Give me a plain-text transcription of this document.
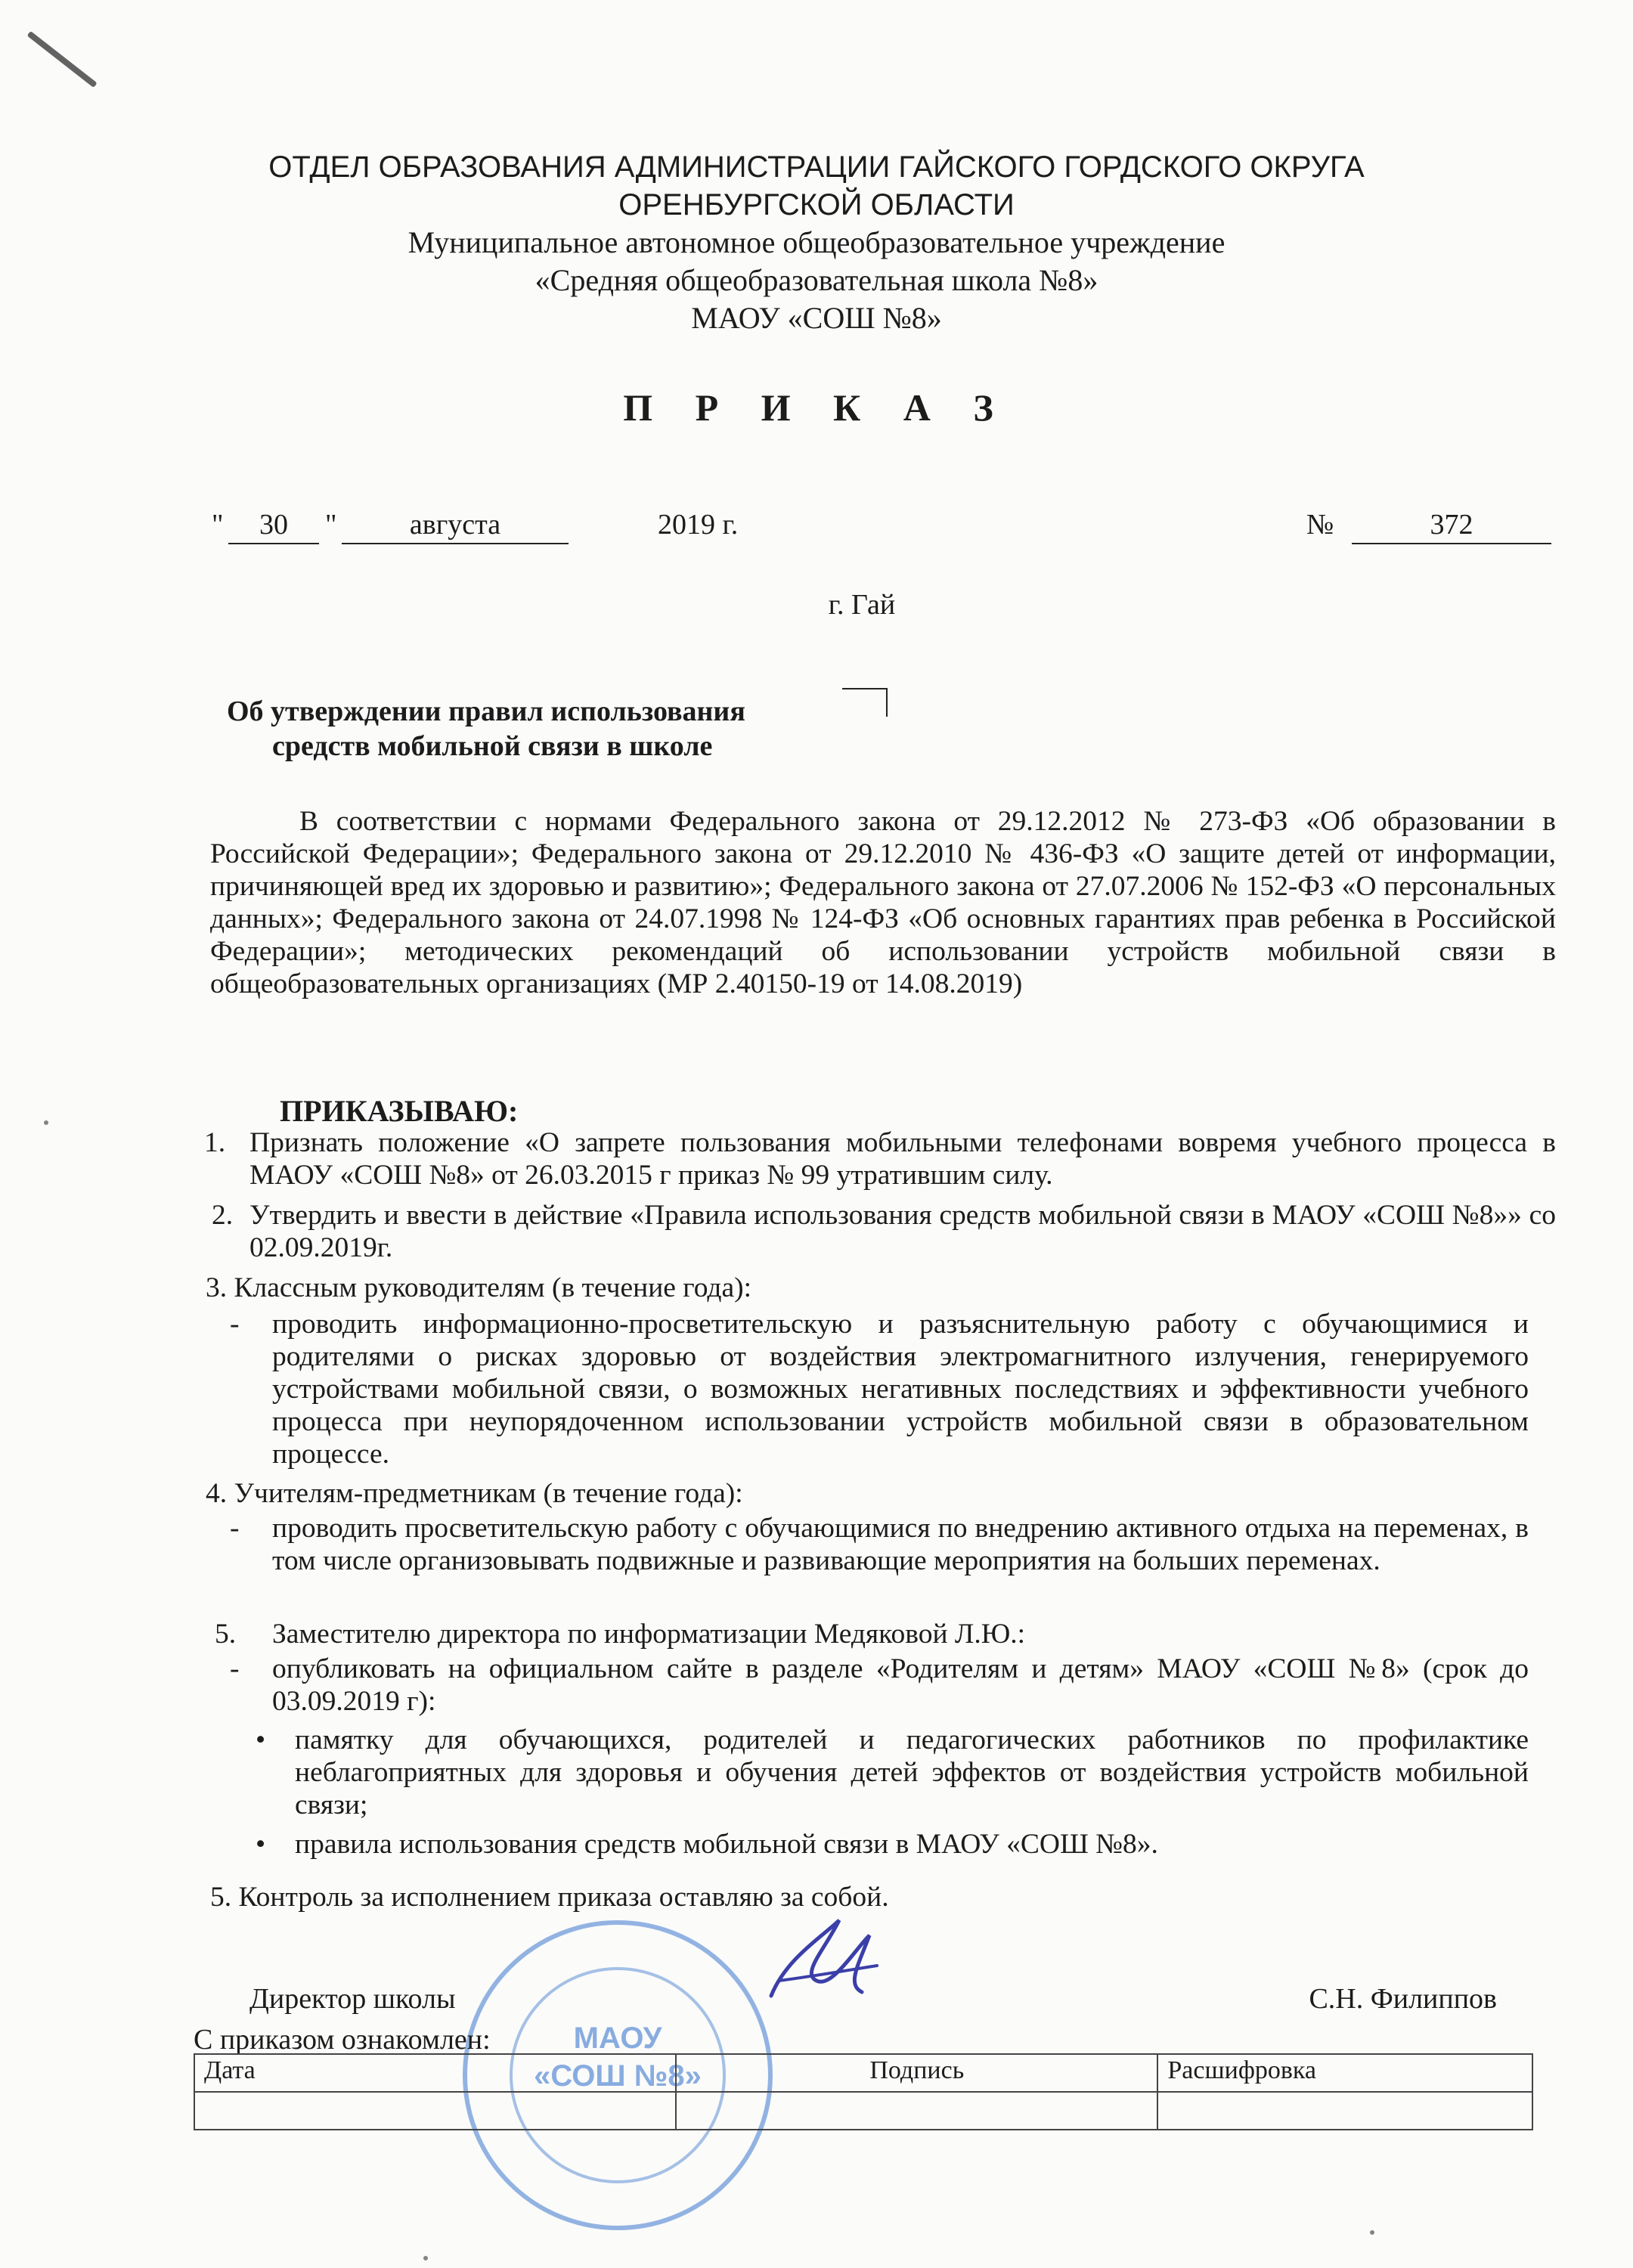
ОТДЕЛ ОБРАЗОВАНИЯ АДМИНИСТРАЦИИ ГАЙСКОГО ГОРДСКОГО ОКРУГА
ОРЕНБУРГСКОЙ ОБЛАСТИ
Муниципальное автономное общеобразовательное учреждение
«Средняя общеобразовательная школа №8»
МАОУ «СОШ №8»
П Р И К А З
"	30	"	августа	2019 г.	№	372
г. Гай
Об утверждении правил использования
средств мобильной связи в школе
В соответствии с нормами Федерального закона от 29.12.2012 № 273-ФЗ «Об образовании в Российской Федерации»; Федерального закона от 29.12.2010 № 436-ФЗ «О защите детей от информации, причиняющей вред их здоровью и развитию»; Федерального закона от 27.07.2006 № 152-ФЗ «О персональных данных»; Федерального закона от 24.07.1998 № 124-ФЗ «Об основных гарантиях прав ребенка в Российской Федерации»; методических рекомендаций об использовании устройств мобильной связи в общеобразовательных организациях (МР 2.40150-19 от 14.08.2019)
ПРИКАЗЫВАЮ:
1. Признать положение «О запрете пользования мобильными телефонами вовремя учебного процесса в МАОУ «СОШ №8» от 26.03.2015 г приказ № 99 утратившим силу.
2. Утвердить и ввести в действие «Правила использования средств мобильной связи в МАОУ «СОШ №8»» со 02.09.2019г.
3. Классным руководителям (в течение года):
- проводить информационно-просветительскую и разъяснительную работу с обучающимися и родителями о рисках здоровью от воздействия электромагнитного излучения, генерируемого устройствами мобильной связи, о возможных негативных последствиях и эффективности учебного процесса при неупорядоченном использовании устройств мобильной связи в образовательном процессе.
4. Учителям-предметникам (в течение года):
- проводить просветительскую работу с обучающимися по внедрению активного отдыха на переменах, в том числе организовывать подвижные и развивающие мероприятия на больших переменах.
5. Заместителю директора по информатизации Медяковой Л.Ю.:
- опубликовать на официальном сайте в разделе «Родителям и детям» МАОУ «СОШ №8» (срок до 03.09.2019 г):
• памятку для обучающихся, родителей и педагогических работников по профилактике неблагоприятных для здоровья и обучения детей эффектов от воздействия устройств мобильной связи;
• правила использования средств мобильной связи в МАОУ «СОШ №8».
5. Контроль за исполнением приказа оставляю за собой.
МАОУ
«СОШ №8»
Директор школы	С.Н. Филиппов
С приказом ознакомлен:
Дата	Подпись	Расшифровка
